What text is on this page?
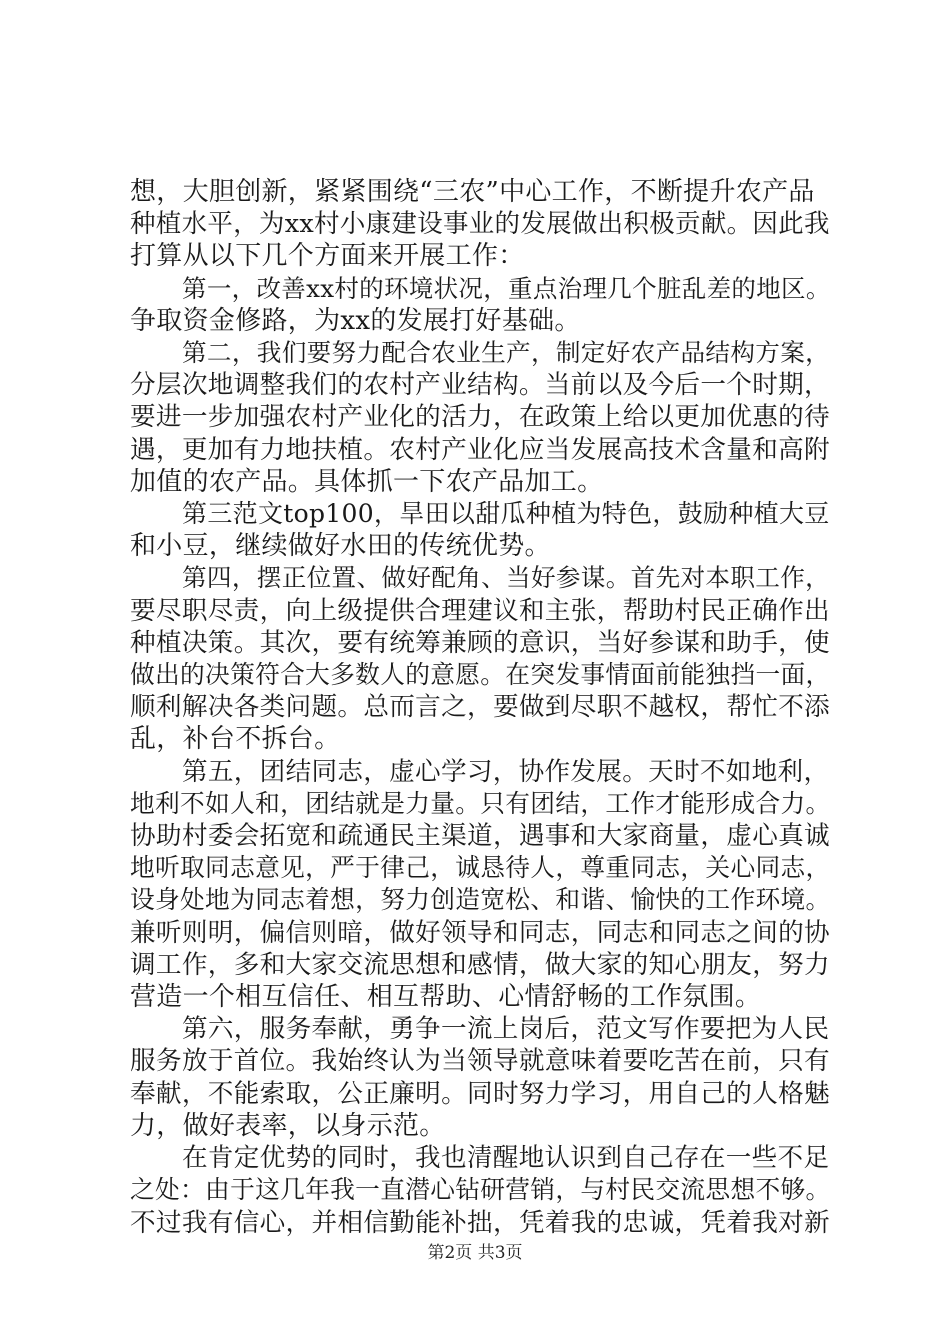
想，大胆创新，紧紧围绕“三农”中心工作，不断提升农产品
种植水平，为xx村小康建设事业的发展做出积极贡献。因此我
打算从以下几个方面来开展工作：
第一，改善xx村的环境状况，重点治理几个脏乱差的地区。
争取资金修路，为xx的发展打好基础。
第二，我们要努力配合农业生产，制定好农产品结构方案，
分层次地调整我们的农村产业结构。当前以及今后一个时期，
要进一步加强农村产业化的活力，在政策上给以更加优惠的待
遇，更加有力地扶植。农村产业化应当发展高技术含量和高附
加值的农产品。具体抓一下农产品加工。
第三范文top100，旱田以甜瓜种植为特色，鼓励种植大豆
和小豆，继续做好水田的传统优势。
第四，摆正位置、做好配角、当好参谋。首先对本职工作，
要尽职尽责，向上级提供合理建议和主张，帮助村民正确作出
种植决策。其次，要有统筹兼顾的意识，当好参谋和助手，使
做出的决策符合大多数人的意愿。在突发事情面前能独挡一面，
顺利解决各类问题。总而言之，要做到尽职不越权，帮忙不添
乱，补台不拆台。
第五，团结同志，虚心学习，协作发展。天时不如地利，
地利不如人和，团结就是力量。只有团结，工作才能形成合力。
协助村委会拓宽和疏通民主渠道，遇事和大家商量，虚心真诚
地听取同志意见，严于律己，诚恳待人，尊重同志，关心同志，
设身处地为同志着想，努力创造宽松、和谐、愉快的工作环境。
兼听则明，偏信则暗，做好领导和同志，同志和同志之间的协
调工作，多和大家交流思想和感情，做大家的知心朋友，努力
营造一个相互信任、相互帮助、心情舒畅的工作氛围。
第六，服务奉献，勇争一流上岗后，范文写作要把为人民
服务放于首位。我始终认为当领导就意味着要吃苦在前，只有
奉献，不能索取，公正廉明。同时努力学习，用自己的人格魅
力，做好表率，以身示范。
在肯定优势的同时，我也清醒地认识到自己存在一些不足
之处：由于这几年我一直潜心钻研营销，与村民交流思想不够。
不过我有信心，并相信勤能补拙，凭着我的忠诚，凭着我对新
第2页 共3页
